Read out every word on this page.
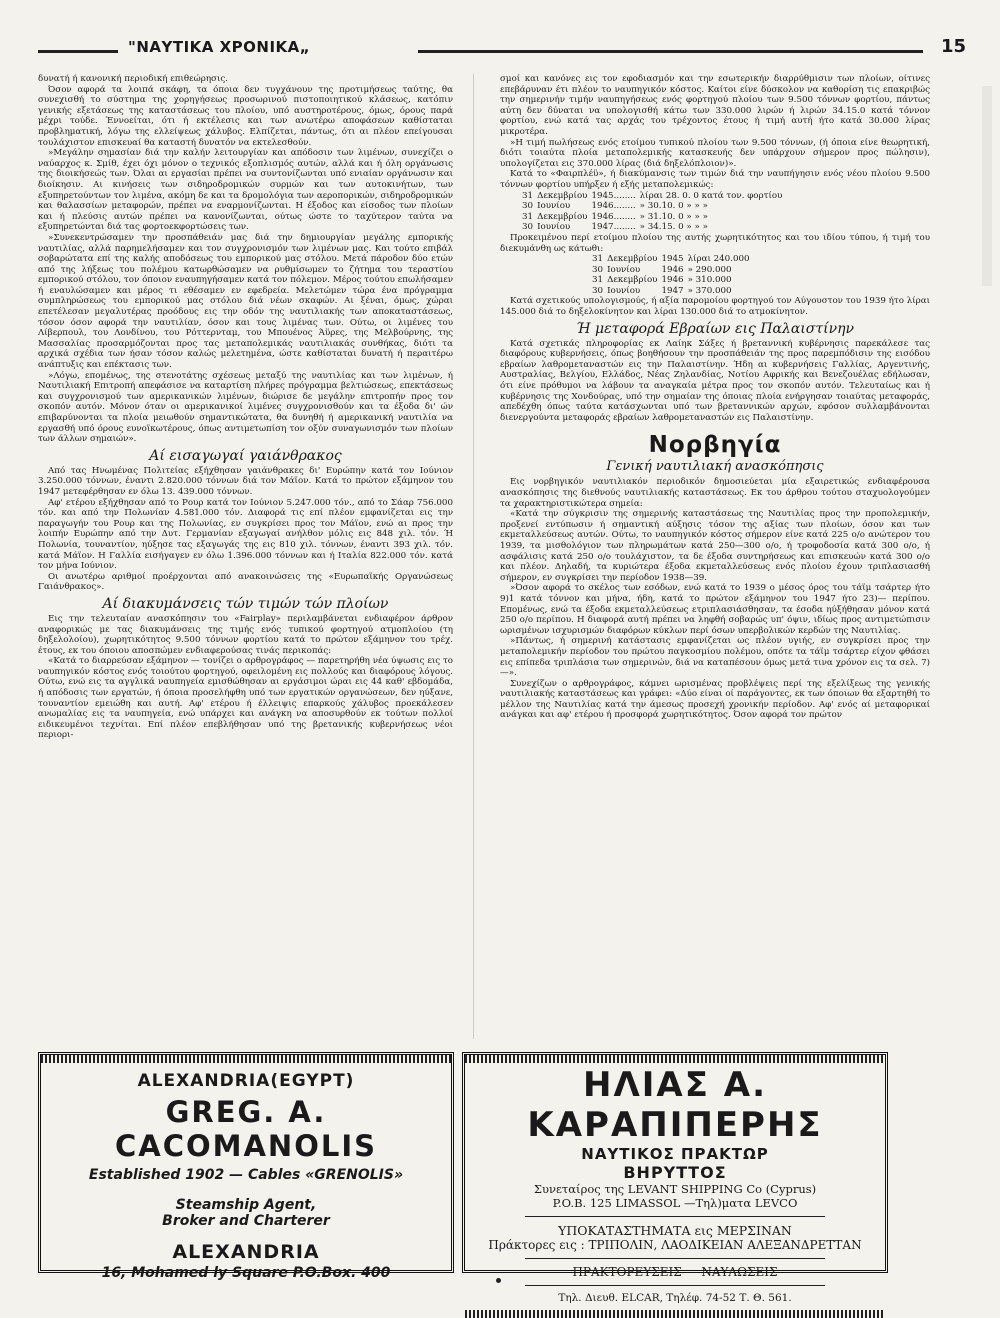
"ΝΑΥΤΙΚΑ ΧΡΟΝΙΚΑ„	15

δυνατή ή κανονική περιοδική επιθεώρησις.

Όσον αφορά τα λοιπά σκάφη, τα όποια δεν τυγχάνουν της προτιμήσεως ταύτης, θα συνεχισθή το σύστημα της χορηγήσεως προσωρινού πιστοποιητικού κλάσεως, κατόπιν γενικής εξετάσεως της καταστάσεως του πλοίου, υπό αυστηροτέρους, όμως, όρους παρά μέχρι τούδε. Έννοείται, ότι ή εκτέλεσις και των ανωτέρω αποφάσεων καθίσταται προβληματική, λόγω της ελλείψεως χάλυβος. Ελπίζεται, πάντως, ότι αι πλέον επείγουσαι τουλάχιστον επισκευαί θα καταστή δυνατόν να εκτελεσθούν.

»Μεγάλην σημασίαν διά την καλήν λειτουργίαν και απόδοσιν των λιμένων, συνεχίζει ο ναύαρχος κ. Σμίθ, έχει όχι μόνον ο τεχνικός εξοπλισμός αυτών, αλλά και ή όλη οργάνωσις της διοικήσεώς των. Όλαι αι εργασίαι πρέπει να συντονίζωνται υπό ενιαίαν οργάνωσιν και διοίκησιν. Αι κινήσεις των σιδηροδρομικών συρμών και των αυτοκινήτων, των εξυπηρετούντων τον λιμένα, ακόμη δε και τα δρομολόγια των αεροπορικών, σιδηροδρομικών και θαλασσίων μεταφορών, πρέπει να εναρμονίζωνται. Η έξοδος και είσοδος των πλοίων και ή πλεύσις αυτών πρέπει να κανονίζωνται, ούτως ώστε το ταχύτερον ταύτα να εξυπηρετώνται διά τας φορτοεκφορτώσεις των.

»Συνεκεντρώσαμεν την προσπάθειάν μας διά την δημιουργίαν μεγάλης εμπορικής ναυτιλίας, αλλά παρημελήσαμεν και τον συγχρονισμόν των λιμένων μας. Και τούτο επιβάλ σοβαρώτατα επί της καλής αποδόσεως του εμπορικού μας στόλου. Μετά πάροδον δύο ετών από της λήξεως του πολέμου κατωρθώσαμεν να ρυθμίσωμεν το ζήτημα του τεραστίου εμπορικού στόλου, τον όποιον εναυπηγήσαμεν κατά τον πόλεμον. Μέρος τούτου επωλήσαμεν ή εναυλώσαμεν και μέρος τι εθέσαμεν εν εφεδρεία. Μελετώμεν τώρα ένα πρόγραμμα συμπληρώσεως του εμπορικού μας στόλου διά νέων σκαφών. Αι ξέναι, όμως, χώραι επετέλεσαν μεγαλυτέρας προόδους εις την οδόν της ναυτιλιακής των αποκαταστάσεως, τόσον όσον αφορά την ναυτιλίαν, όσον και τους λιμένας των. Ούτω, οι λιμένες του Λίβερπουλ, του Λονδίνου, του Ρόττερνταμ, του Μπουένος Άϋρες, της Μελβούρνης, της Μασσαλίας προσαρμόζονται προς τας μεταπολεμικάς ναυτιλιακάς συνθήκας, διότι τα αρχικά σχέδια των ήσαν τόσον καλώς μελετημένα, ώστε καθίσταται δυνατή ή περαιτέρω ανάπτυξις και επέκτασις των.

»Λόγω, επομένως, της στενοτάτης σχέσεως μεταξύ της ναυτιλίας και των λιμένων, ή Ναυτιλιακή Επιτροπή απεφάσισε να καταρτίση πλήρες πρόγραμμα βελτιώσεως, επεκτάσεως και συγχρονισμού των αμερικανικών λιμένων, διώρισε δε μεγάλην επιτροπήν προς τον σκοπόν αυτόν. Μόνον όταν οι αμερικανικοί λιμένες συγχρονισθούν και τα έξοδα δι' ών επιβαρύνονται τα πλοία μειωθούν σημαντικώτατα, θα δυνηθή ή αμερικανική ναυτιλία να εργασθή υπό όρους ευνοϊκωτέρους, όπως αντιμετωπίση τον οξύν συναγωνισμόν των πλοίων των άλλων σημαιών».

Αί εισαγωγαί γαιάνθρακος

Από τας Ηνωμένας Πολιτείας εξήχθησαν γαιάνθρακες δι' Ευρώπην κατά τον Ιούνιον 3.250.000 τόννων, έναντι 2.820.000 τόννων διά τον Μάϊον. Κατά το πρώτον εξάμηνον του 1947 μετεφέρθησαν εν όλω 13. 439.000 τόννων.

Αφ' ετέρου εξήχθησαν από το Ρουρ κατά τον Ιούνιον 5.247.000 τόν., από το Σάαρ 756.000 τόν. και από την Πολωνίαν 4.581.000 τόν. Διαφορά τις επί πλέον εμφανίζεται εις την παραγωγήν του Ρουρ και της Πολωνίας, εν συγκρίσει προς τον Μάϊον, ενώ αι προς την λοιπήν Ευρώπην από την Δυτ. Γερμανίαν εξαγωγαί ανήλθον μόλις εις 848 χιλ. τόν. Ή Πολωνία, τουναντίον, ηύξησε τας εξαγωγάς της εις 810 χιλ. τόννων, έναντι 393 χιλ. τόν. κατά Μάϊον. Η Γαλλία εισήγαγεν εν όλω 1.396.000 τόννων και ή Ιταλία 822.000 τόν. κατά τον μήνα Ιούνιον.

Οι ανωτέρω αριθμοί προέρχονται από ανακοινώσεις της «Ευρωπαϊκής Οργανώσεως Γαιάνθρακος».

Αί διακυμάνσεις τών τιμών τών πλοίων

Εις την τελευταίαν ανασκόπησιν του «Fairplay» περιλαμβάνεται ενδιαφέρον άρθρον αναφορικώς με τας διακυμάνσεις της τιμής ενός τυπικού φορτηγού ατμοπλοίου (τη δηξελολοίου), χωρητικότητος 9.500 τόννων φορτίου κατά το πρώτον εξάμηνον του τρέχ. έτους, εκ του όποιου αποσπώμεν ενδιαφερούσας τινάς περικοπάς:

«Κατά το διαρρεύσαν εξάμηνον — τονίζει ο αρθρογράφος — παρετηρήθη νέα ύψωσις εις το ναυπηγικόν κόστος ενός τοιούτου φορτηγού, οφειλομένη εις πολλούς και διαφόρους λόγους. Ούτω, ενώ εις τα αγγλικά ναυπηγεία εμισθώθησαν αι εργάσιμοι ώραι εις 44 καθ' εβδομάδα, ή απόδοσις των εργατών, ή όποια προσελήφθη υπό των εργατικών οργανώσεων, δεν ηύξανε, τουναντίον εμειώθη και αυτή. Αφ' ετέρου ή έλλειψις επαρκούς χάλυβος προεκάλεσεν ανωμαλίας εις τα ναυπηγεία, ενώ υπάρχει και ανάγκη να αποσυρθούν εκ τούτων πολλοί ειδικευμένοι τεχνίται. Επί πλέον επεβλήθησαν υπό της βρετανικής κυβερνήσεως νέοι περιορι-

σμοί και κανόνες εις τον εφοδιασμόν και την εσωτερικήν διαρρύθμισιν των πλοίων, οίτινες επεβάρυναν έτι πλέον το ναυπηγικόν κόστος. Καίτοι είνε δύσκολον να καθορίση τις επακριβώς την σημερινήν τιμήν ναυπηγήσεως ενός φορτηγού πλοίου των 9.500 τόννων φορτίου, πάντως αύτη δεν δύναται να υπολογισθή κάτω των 330.000 λιρών ή λιρών 34.15.0 κατά τόννον φορτίου, ενώ κατά τας αρχάς του τρέχοντος έτους ή τιμή αυτή ήτο κατά 30.000 λίρας μικροτέρα.

»Η τιμή πωλήσεως ενός ετοίμου τυπικού πλοίου των 9.500 τόννων, (ή όποια είνε θεωρητική, διότι τοιαύτα πλοία μεταπολεμικής κατασκευής δεν υπάρχουν σήμερον προς πώλησιν), υπολογίζεται εις 370.000 λίρας (διά δηξελόπλοιον)».

Κατά το «Φαιρπλέϋ», ή διακύμανσις των τιμών διά την ναυπήγησιν ενός νέου πλοίου 9.500 τόννων φορτίου υπήρξεν ή εξής μεταπολεμικώς:

31	Δεκεμβρίου	1945........	λίραι 28. 0. 0 κατά τον. φορτίου
30	Ιουνίου	1946........	» 30.10. 0 » » »
31	Δεκεμβρίου	1946........	» 31.10. 0 » » »
30	Ιουνίου	1947........	» 34.15. 0 » » »

Προκειμένου περί ετοίμου πλοίου της αυτής χωρητικότητος και του ιδίου τύπου, ή τιμή του διεκυμάνθη ως κάτωθι:

31	Δεκεμβρίου	1945	λίραι 240.000
30	Ιουνίου	1946	» 290.000
31	Δεκεμβρίου	1946	» 310.000
30	Ιουνίου	1947	» 370.000

Κατά σχετικούς υπολογισμούς, ή αξία παρομοίου φορτηγού τον Αύγουστον του 1939 ήτο λίραι 145.000 διά το δηξελοκίνητον και λίραι 130.000 διά το ατμοκίνητον.

Ή μεταφορά Εβραίων εις Παλαιστίνην

Κατά σχετικάς πληροφορίας εκ Λαίηκ Σάξες ή βρεταννική κυβέρνησις παρεκάλεσε τας διαφόρους κυβερνήσεις, όπως βοηθήσουν την προσπάθειάν της προς παρεμπόδισιν της εισόδου εβραίων λαθρομεταναστών εις την Παλαιστίνην. Ήδη αι κυβερνήσεις Γαλλίας, Αργεντινής, Αυστραλίας, Βελγίου, Ελλάδος, Νέας Ζηλανδίας, Νοτίου Αφρικής και Βενεζουέλας εδήλωσαν, ότι είνε πρόθυμοι να λάβουν τα αναγκαία μέτρα προς τον σκοπόν αυτόν. Τελευταίως και ή κυβέρνησις της Χονδούρας, υπό την σημαίαν της όποιας πλοία ενήργησαν τοιαύτας μεταφοράς, απεδέχθη όπως ταύτα κατάσχωνται υπό των βρεταννικών αρχών, εφόσον συλλαμβάνονται διενεργούντα μεταφοράς εβραίων λαθρομεταναστών εις Παλαιστίνην.

Νορβηγία
Γενική ναυτιλιακή ανασκόπησις

Εις νορβηγικόν ναυτιλιακόν περιοδικόν δημοσιεύεται μία εξαιρετικώς ενδιαφέρουσα ανασκόπησις της διεθνούς ναυτιλιακής καταστάσεως. Εκ του άρθρου τούτου σταχυολογούμεν τα χαρακτηριστικώτερα σημεία:

«Κατά την σύγκρισιν της σημερινής καταστάσεως της Ναυτιλίας προς την προπολεμικήν, προξενεί εντύπωσιν ή σημαντική αύξησις τόσον της αξίας των πλοίων, όσον και των εκμεταλλεύσεως αυτών. Ούτω, το ναυπηγικόν κόστος σήμερον είνε κατά 225 ο/ο ανώτερον του 1939, τα μισθολόγιον των πληρωμάτων κατά 250—300 ο/ο, ή τροφοδοσία κατά 300 ο/ο, ή ασφάλισις κατά 250 ο/ο τουλάχιστον, τα δε έξοδα συντηρήσεως και επισκευών κατά 300 ο/ο και πλέον. Δηλαδή, τα κυριώτερα έξοδα εκμεταλλεύσεως ενός πλοίου έχουν τριπλασιασθή σήμερον, εν συγκρίσει την περίοδον 1938—39.

»Όσον αφορά το σκέλος των εσόδων, ενώ κατά το 1939 ο μέσος όρος του τάϊμ τσάρτερ ήτο 9)1 κατά τόννον και μήνα, ήδη, κατά το πρώτον εξάμηνον του 1947 ήτο 23)— περίπου. Επομένως, ενώ τα έξοδα εκμεταλλεύσεως ετριπλασιάσθησαν, τα έσοδα ηύξήθησαν μόνον κατά 250 ο/ο περίπου. Η διαφορά αυτή πρέπει να ληφθή σοβαρώς υπ' όψιν, ιδίως προς αντιμετώπισιν ωρισμένων ισχυρισμών διαφόρων κύκλων περί όσων υπερβολικών κερδών της Ναυτιλίας.

»Πάντως, ή σημερινή κατάστασις εμφανίζεται ως πλέον υγιής, εν συγκρίσει προς την μεταπολεμικήν περίοδον του πρώτου παγκοσμίου πολέμου, οπότε τα τάϊμ τσάρτερ είχον φθάσει εις επίπεδα τριπλάσια των σημερινών, διά να καταπέσουν όμως μετά τινα χρόνον εις τα σελ. 7)—».

Συνεχίζων ο αρθρογράφος, κάμνει ωρισμένας προβλέψεις περί της εξελίξεως της γενικής ναυτιλιακής καταστάσεως και γράφει: «Δύο είναι οί παράγοντες, εκ των όποιων θα εξαρτηθή το μέλλον της Ναυτιλίας κατά την άμεσως προσεχή χρονικήν περίοδον. Αφ' ενός αί μεταφορικαί ανάγκαι και αφ' ετέρου ή προσφορά χωρητικότητος. Όσον αφορά τον πρώτον

ALEXANDRIA(EGYPT)
GREG. A. CACOMANOLIS
Established 1902 — Cables «GRENOLIS»
Steamship Agent,
Broker and Charterer
ALEXANDRIA
16, Mohamed ly Square P.O.Box. 400
ΗΛΙΑΣ Α. ΚΑΡΑΠΙΠΕΡΗΣ
ΝΑΥΤΙΚΟΣ ΠΡΑΚΤΩΡ
ΒΗΡΥΤΤΟΣ
Συνεταίρος της LEVANT SHIPPING Co (Cyprus)
P.O.B. 125 LIMASSOL —Τηλ)ματα LEVCO
ΥΠΟΚΑΤΑΣΤΗΜΑΤΑ εις ΜΕΡΣΙΝΑΝ
Πράκτορες εις : ΤΡΙΠΟΛΙΝ, ΛΑΟΔΙΚΕΙΑΝ ΑΛΕΞΑΝΔΡΕΤΤΑΝ
ΠΡΑΚΤΟΡΕΥΣΕΙΣ — ΝΑΥΛΩΣΕΙΣ
Τηλ. Διευθ. ELCAR, Τηλέφ. 74-52 Τ. Θ. 561.
